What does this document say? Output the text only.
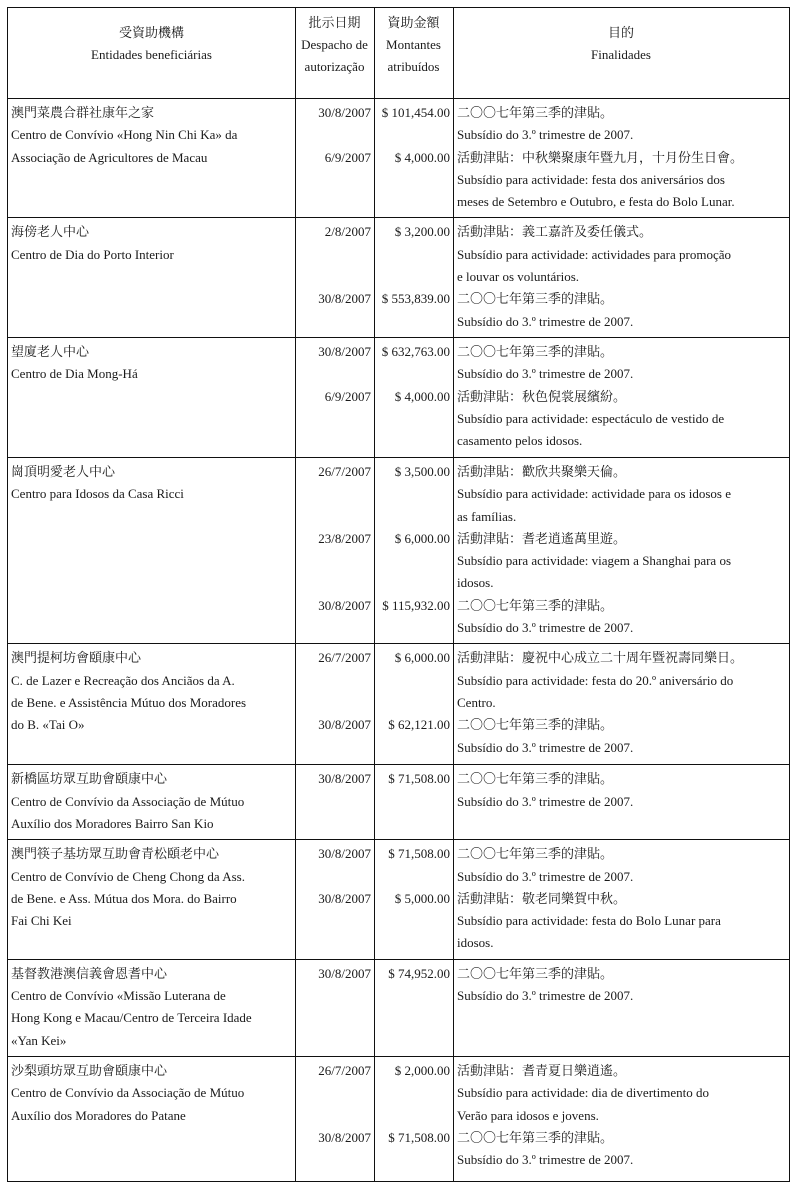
受資助機構
Entidades beneficiárias
批示日期
Despacho de
autorização
資助金額
Montantes
atribuídos
目的
Finalidades
澳門菜農合群社康年之家
Centro de Convívio «Hong Nin Chi Ka» da
Associação de Agricultores de Macau
30/8/2007 $ 101,454.00 二〇〇七年第三季的津貼。
Subsídio do 3.º trimestre de 2007.
6/9/2007	$ 4,000.00 活動津貼：中秋樂聚康年暨九月，十月份生日會。
Subsídio para actividade: festa dos aniversários dos
meses de Setembro e Outubro, e festa do Bolo Lunar.
海傍老人中心
Centro de Dia do Porto Interior
2/8/2007	$ 3,200.00 活動津貼：義工嘉許及委任儀式。
Subsídio para actividade: actividades para promoção
e louvar os voluntários.
30/8/2007 $ 553,839.00 二〇〇七年第三季的津貼。
Subsídio do 3.º trimestre de 2007.
望廈老人中心
Centro de Dia Mong-Há
30/8/2007 $ 632,763.00 二〇〇七年第三季的津貼。
Subsídio do 3.º trimestre de 2007.
6/9/2007	$ 4,000.00 活動津貼：秋色倪裳展繽紛。
Subsídio para actividade: espectáculo de vestido de
casamento pelos idosos.
崗頂明愛老人中心
Centro para Idosos da Casa Ricci
26/7/2007	$ 3,500.00 活動津貼：歡欣共聚樂天倫。
Subsídio para actividade: actividade para os idosos e
as famílias.
23/8/2007	$ 6,000.00 活動津貼：耆老逍遙萬里遊。
Subsídio para actividade: viagem a Shanghai para os
idosos.
30/8/2007 $ 115,932.00 二〇〇七年第三季的津貼。
Subsídio do 3.º trimestre de 2007.
澳門提柯坊會頤康中心
C. de Lazer e Recreação dos Anciãos da A.
de Bene. e Assistência Mútuo dos Moradores
do B. «Tai O»
26/7/2007	$ 6,000.00 活動津貼：慶祝中心成立二十周年暨祝壽同樂日。
Subsídio para actividade: festa do 20.º aniversário do
Centro.
30/8/2007	$ 62,121.00 二〇〇七年第三季的津貼。
Subsídio do 3.º trimestre de 2007.
新橋區坊眾互助會頤康中心
Centro de Convívio da Associação de Mútuo
Auxílio dos Moradores Bairro San Kio
30/8/2007	$ 71,508.00 二〇〇七年第三季的津貼。
Subsídio do 3.º trimestre de 2007.
澳門筷子基坊眾互助會青松頤老中心
Centro de Convívio de Cheng Chong da Ass.
de Bene. e Ass. Mútua dos Mora. do Bairro
Fai Chi Kei
30/8/2007	$ 71,508.00 二〇〇七年第三季的津貼。
Subsídio do 3.º trimestre de 2007.
30/8/2007	$ 5,000.00 活動津貼：敬老同樂賀中秋。
Subsídio para actividade: festa do Bolo Lunar para
idosos.
基督教港澳信義會恩耆中心
Centro de Convívio «Missão Luterana de
Hong Kong e Macau/Centro de Terceira Idade
«Yan Kei»
30/8/2007	$ 74,952.00 二〇〇七年第三季的津貼。
Subsídio do 3.º trimestre de 2007.
沙梨頭坊眾互助會頤康中心
Centro de Convívio da Associação de Mútuo
Auxílio dos Moradores do Patane
26/7/2007	$ 2,000.00 活動津貼：耆青夏日樂逍遙。
Subsídio para actividade: dia de divertimento do
Verão para idosos e jovens.
30/8/2007	$ 71,508.00 二〇〇七年第三季的津貼。
Subsídio do 3.º trimestre de 2007.
